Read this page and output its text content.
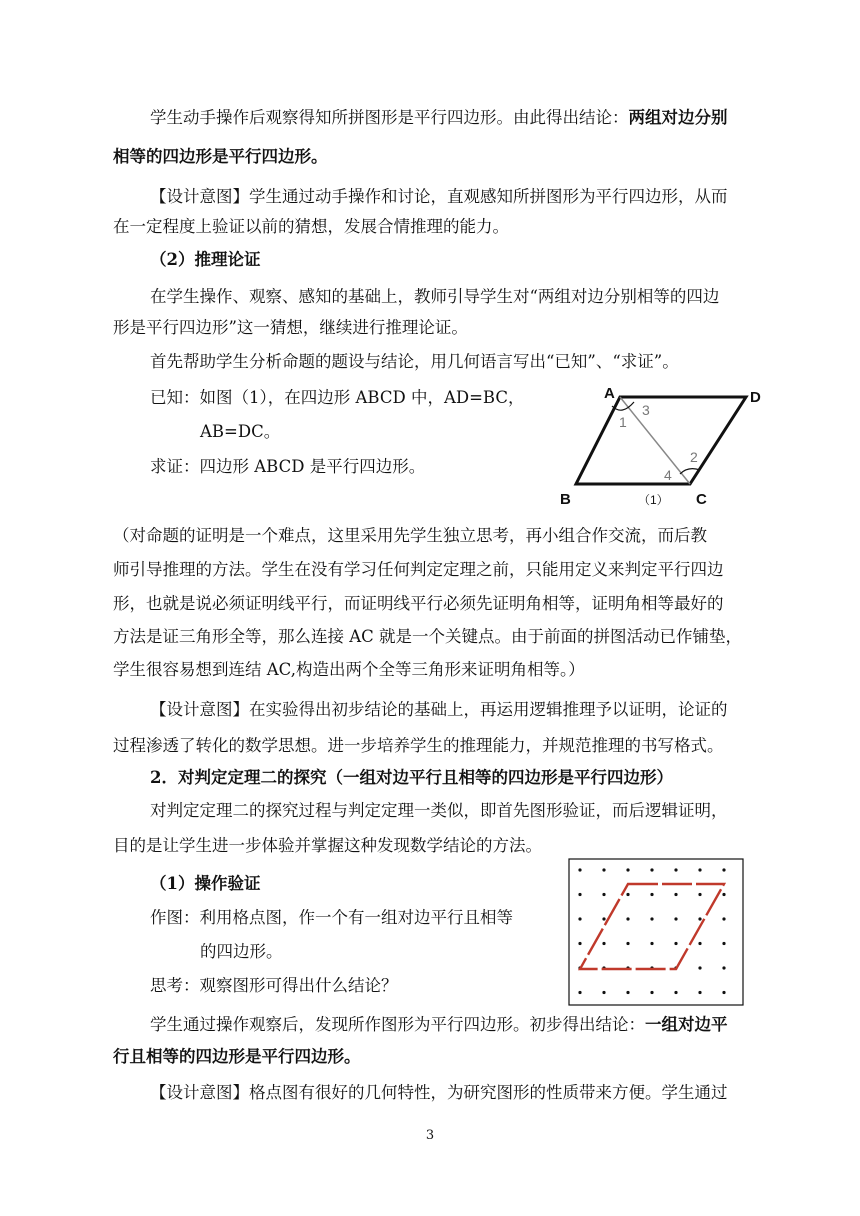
学生动手操作后观察得知所拼图形是平行四边形。由此得出结论：两组对边分别
相等的四边形是平行四边形。
【设计意图】学生通过动手操作和讨论，直观感知所拼图形为平行四边形，从而
在一定程度上验证以前的猜想，发展合情推理的能力。
（2）推理论证
在学生操作、观察、感知的基础上，教师引导学生对“两组对边分别相等的四边
形是平行四边形”这一猜想，继续进行推理论证。
首先帮助学生分析命题的题设与结论，用几何语言写出“已知”、“求证”。
已知：如图（1），在四边形 ABCD 中，AD=BC，
AB=DC。
求证：四边形 ABCD 是平行四边形。
A	D
B	C
1
3
2
4
（1）
（对命题的证明是一个难点，这里采用先学生独立思考，再小组合作交流，而后教
师引导推理的方法。学生在没有学习任何判定定理之前，只能用定义来判定平行四边
形，也就是说必须证明线平行，而证明线平行必须先证明角相等，证明角相等最好的
方法是证三角形全等，那么连接 AC 就是一个关键点。由于前面的拼图活动已作铺垫，
学生很容易想到连结 AC,构造出两个全等三角形来证明角相等。）
【设计意图】在实验得出初步结论的基础上，再运用逻辑推理予以证明，论证的
过程渗透了转化的数学思想。进一步培养学生的推理能力，并规范推理的书写格式。
2．对判定定理二的探究（一组对边平行且相等的四边形是平行四边形）
对判定定理二的探究过程与判定定理一类似，即首先图形验证，而后逻辑证明，
目的是让学生进一步体验并掌握这种发现数学结论的方法。
（1）操作验证
作图：利用格点图，作一个有一组对边平行且相等
的四边形。
思考：观察图形可得出什么结论？
学生通过操作观察后，发现所作图形为平行四边形。初步得出结论：一组对边平
行且相等的四边形是平行四边形。
【设计意图】格点图有很好的几何特性，为研究图形的性质带来方便。学生通过
3
